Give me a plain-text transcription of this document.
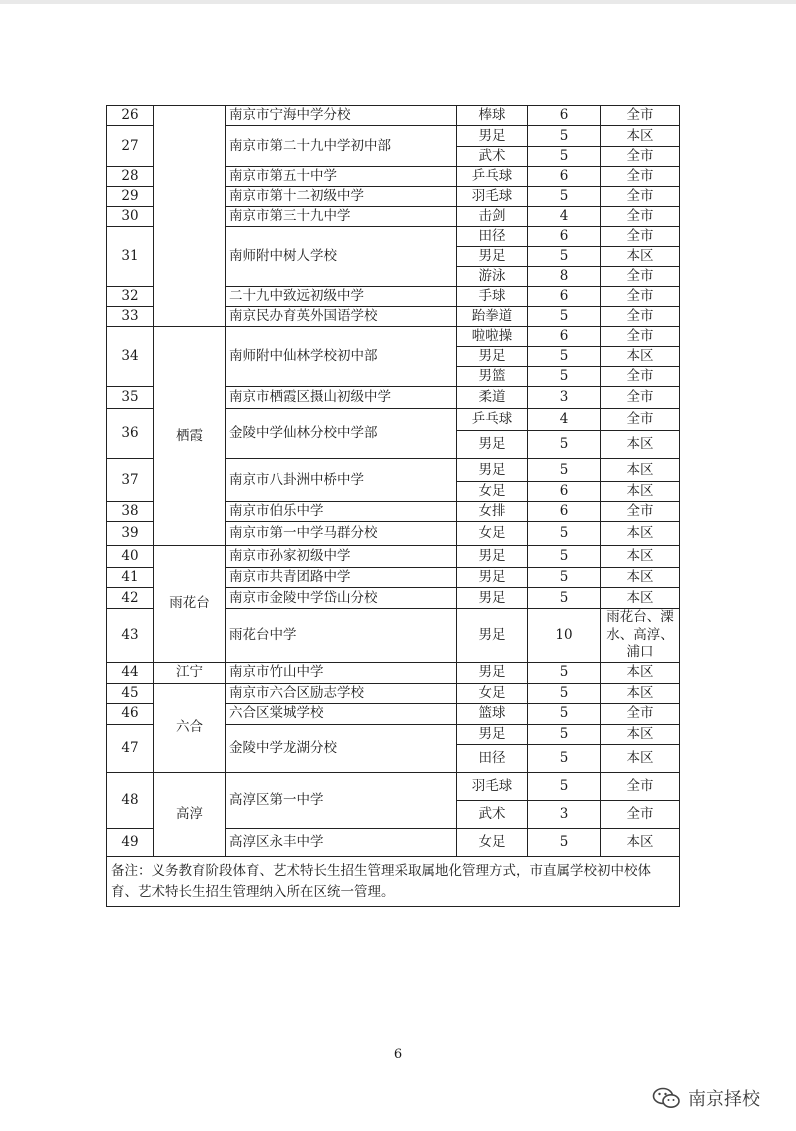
26		南京市宁海中学分校	棒球	6	全市
27		南京市第二十九中学初中部	男足	5	本区
			武术	5	全市
28		南京市第五十中学	乒乓球	6	全市
29		南京市第十二初级中学	羽毛球	5	全市
30		南京市第三十九中学	击剑	4	全市
31		南师附中树人学校	田径	6	全市
			男足	5	本区
			游泳	8	全市
32		二十九中致远初级中学	手球	6	全市
33		南京民办育英外国语学校	跆拳道	5	全市
34	栖霞	南师附中仙林学校初中部	啦啦操	6	全市
			男足	5	本区
			男篮	5	全市
35		南京市栖霞区摄山初级中学	柔道	3	全市
36		金陵中学仙林分校中学部	乒乓球	4	全市
			男足	5	本区
37		南京市八卦洲中桥中学	男足	5	本区
			女足	6	本区
38		南京市伯乐中学	女排	6	全市
39		南京市第一中学马群分校	女足	5	本区
40	雨花台	南京市孙家初级中学	男足	5	本区
41		南京市共青团路中学	男足	5	本区
42		南京市金陵中学岱山分校	男足	5	本区
43		雨花台中学	男足	10	雨花台、溧水、高淳、浦口
44	江宁	南京市竹山中学	男足	5	本区
45	六合	南京市六合区励志学校	女足	5	本区
46		六合区棠城学校	篮球	5	全市
47		金陵中学龙湖分校	男足	5	本区
			田径	5	本区
48	高淳	高淳区第一中学	羽毛球	5	全市
			武术	3	全市
49		高淳区永丰中学	女足	5	本区
备注：义务教育阶段体育、艺术特长生招生管理采取属地化管理方式，市直属学校初中校体育、艺术特长生招生管理纳入所在区统一管理。					
6
南京择校
